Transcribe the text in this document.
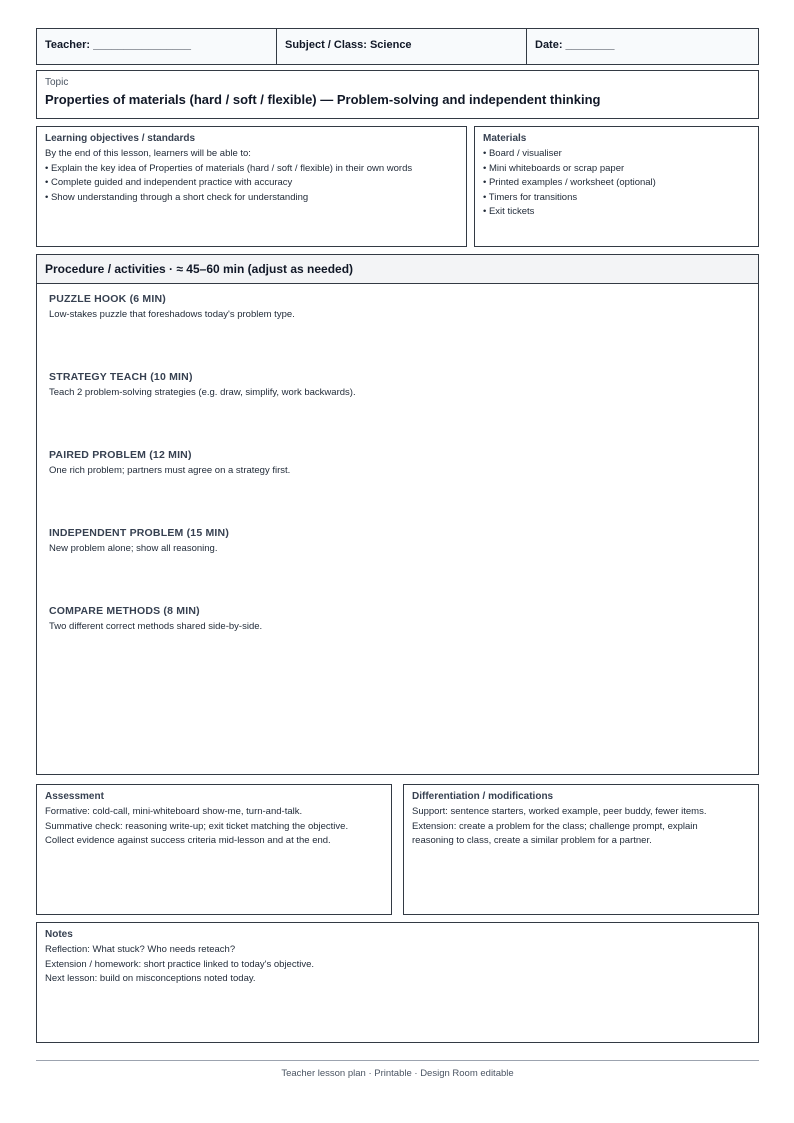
Teacher: ________________	Subject / Class: Science	Date: ________
Topic
Properties of materials (hard / soft / flexible) — Problem-solving and independent thinking
Learning objectives / standards
By the end of this lesson, learners will be able to:
• Explain the key idea of Properties of materials (hard / soft / flexible) in their own words
• Complete guided and independent practice with accuracy
• Show understanding through a short check for understanding
Materials
• Board / visualiser
• Mini whiteboards or scrap paper
• Printed examples / worksheet (optional)
• Timers for transitions
• Exit tickets
Procedure / activities · ≈ 45–60 min (adjust as needed)
PUZZLE HOOK (6 MIN)
Low-stakes puzzle that foreshadows today's problem type.
STRATEGY TEACH (10 MIN)
Teach 2 problem-solving strategies (e.g. draw, simplify, work backwards).
PAIRED PROBLEM (12 MIN)
One rich problem; partners must agree on a strategy first.
INDEPENDENT PROBLEM (15 MIN)
New problem alone; show all reasoning.
COMPARE METHODS (8 MIN)
Two different correct methods shared side-by-side.
Assessment
Formative: cold-call, mini-whiteboard show-me, turn-and-talk.
Summative check: reasoning write-up; exit ticket matching the objective.
Collect evidence against success criteria mid-lesson and at the end.
Differentiation / modifications
Support: sentence starters, worked example, peer buddy, fewer items.
Extension: create a problem for the class; challenge prompt, explain
reasoning to class, create a similar problem for a partner.
Notes
Reflection: What stuck? Who needs reteach?
Extension / homework: short practice linked to today's objective.
Next lesson: build on misconceptions noted today.
Teacher lesson plan · Printable · Design Room editable
